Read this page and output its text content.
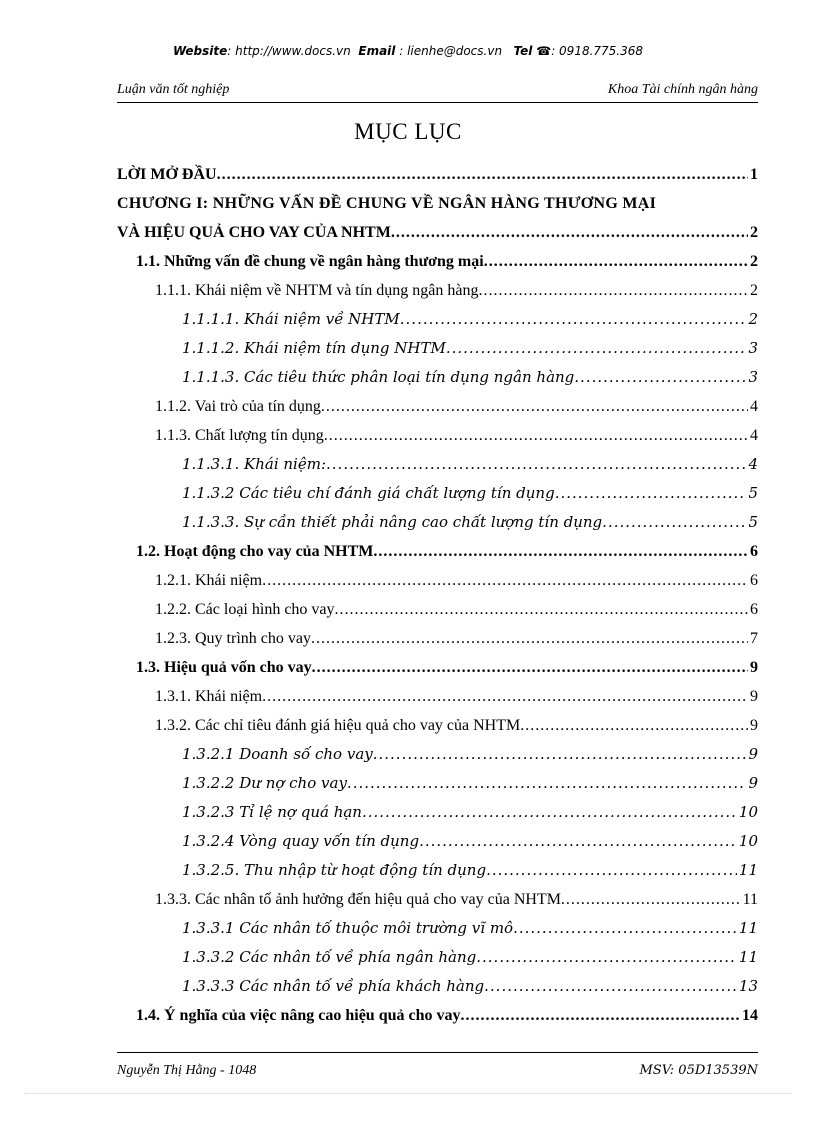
Website: http://www.docs.vn Email : lienhe@docs.vn Tel ☎: 0918.775.368
Luận văn tốt nghiệp	Khoa Tài chính ngân hàng
MỤC LỤC
LỜI MỞ ĐẦU .....	1
CHƯƠNG I: NHỮNG VẤN ĐỀ CHUNG VỀ NGÂN HÀNG THƯƠNG MẠI
VÀ HIỆU QUẢ CHO VAY CỦA NHTM .....	2
1.1. Những vấn đề chung về ngân hàng thương mại .....	2
1.1.1. Khái niệm về NHTM và tín dụng ngân hàng .....	2
1.1.1.1. Khái niệm về NHTM .....	2
1.1.1.2. Khái niệm tín dụng NHTM .....	3
1.1.1.3. Các tiêu thức phân loại tín dụng ngân hàng .....	3
1.1.2. Vai trò của tín dụng .....	4
1.1.3. Chất lượng tín dụng .....	4
1.1.3.1. Khái niệm: .....	4
1.1.3.2 Các tiêu chí đánh giá chất lượng tín dụng .....	5
1.1.3.3. Sự cần thiết phải nâng cao chất lượng tín dụng .....	5
1.2. Hoạt động cho vay của NHTM .....	6
1.2.1. Khái niệm .....	6
1.2.2. Các loại hình cho vay .....	6
1.2.3. Quy trình cho vay .....	7
1.3. Hiệu quả vốn cho vay .....	9
1.3.1. Khái niệm .....	9
1.3.2. Các chỉ tiêu đánh giá hiệu quả cho vay của NHTM .....	9
1.3.2.1 Doanh số cho vay .....	9
1.3.2.2 Dư nợ cho vay .....	9
1.3.2.3 Tỉ lệ nợ quá hạn .....	10
1.3.2.4 Vòng quay vốn tín dụng .....	10
1.3.2.5. Thu nhập từ hoạt động tín dụng .....	11
1.3.3. Các nhân tố ảnh hưởng đến hiệu quả cho vay của NHTM .....	11
1.3.3.1 Các nhân tố thuộc môi trường vĩ mô .....	11
1.3.3.2 Các nhân tố về phía ngân hàng .....	11
1.3.3.3 Các nhân tố về phía khách hàng .....	13
1.4. Ý nghĩa của việc nâng cao hiệu quả cho vay .....	14
Nguyễn Thị Hằng - 1048	MSV: 05D13539N
